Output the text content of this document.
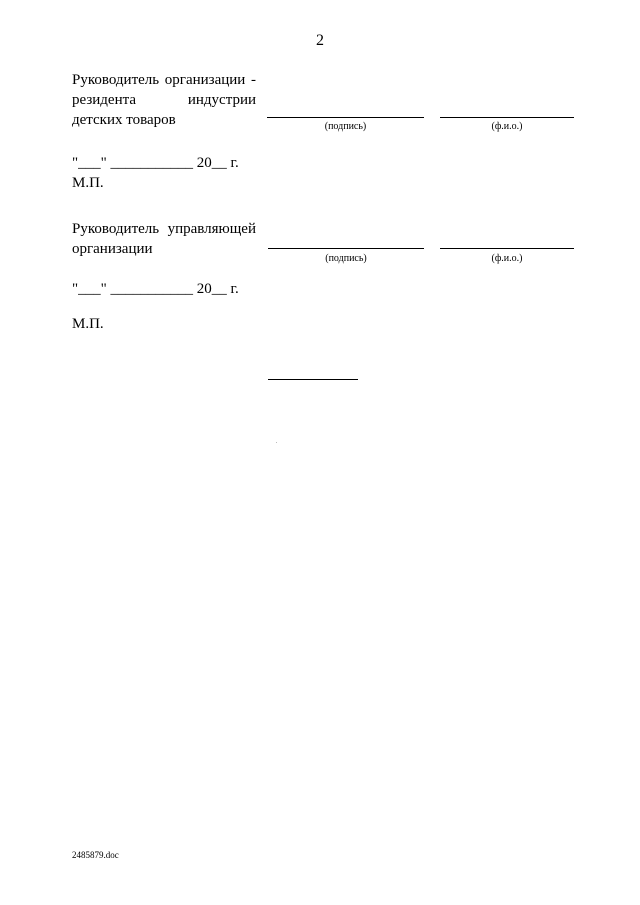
2
Руководитель организации -
резидента	индустрии
детских товаров	(подпись)	(ф.и.о.)
"___" ___________ 20__ г.
М.П.
Руководитель управляющей
организации
(подпись)	(ф.и.о.)
"___" ___________ 20__ г.
М.П.
2485879.doc
